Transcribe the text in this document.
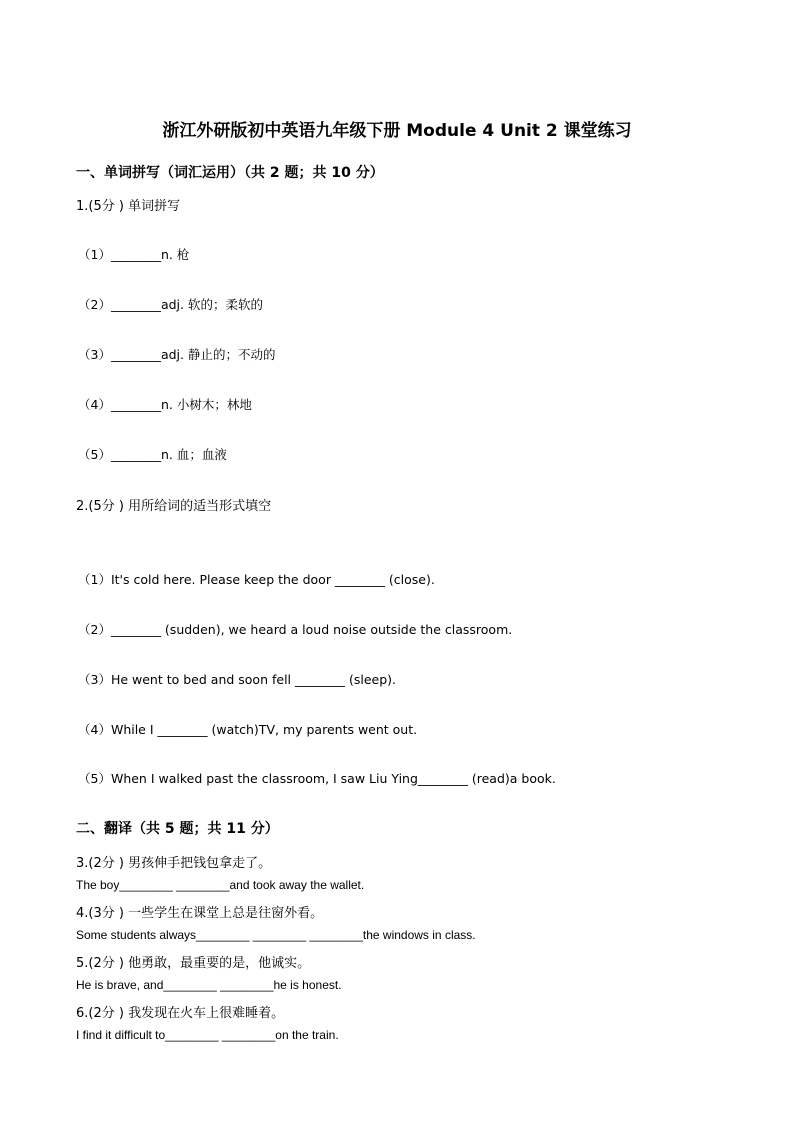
浙江外研版初中英语九年级下册 Module 4 Unit 2 课堂练习
一、单词拼写（词汇运用）（共 2 题；共 10 分）
1.(5分 ) 单词拼写
（1）________n. 枪
（2）________adj. 软的；柔软的
（3）________adj. 静止的；不动的
（4）________n. 小树木；林地
（5）________n. 血；血液
2.(5分 ) 用所给词的适当形式填空
（1）It's cold here. Please keep the door ________ (close).
（2）________ (sudden), we heard a loud noise outside the classroom.
（3）He went to bed and soon fell ________ (sleep).
（4）While I ________ (watch)TV, my parents went out.
（5）When I walked past the classroom, I saw Liu Ying________ (read)a book.
二、翻译（共 5 题；共 11 分）
3.(2分 ) 男孩伸手把钱包拿走了。
The boy________ ________and took away the wallet.
4.(3分 ) 一些学生在课堂上总是往窗外看。
Some students always________ ________ ________the windows in class.
5.(2分 ) 他勇敢，最重要的是，他诚实。
He is brave, and________ ________he is honest.
6.(2分 ) 我发现在火车上很难睡着。
I find it difficult to________ ________on the train.
